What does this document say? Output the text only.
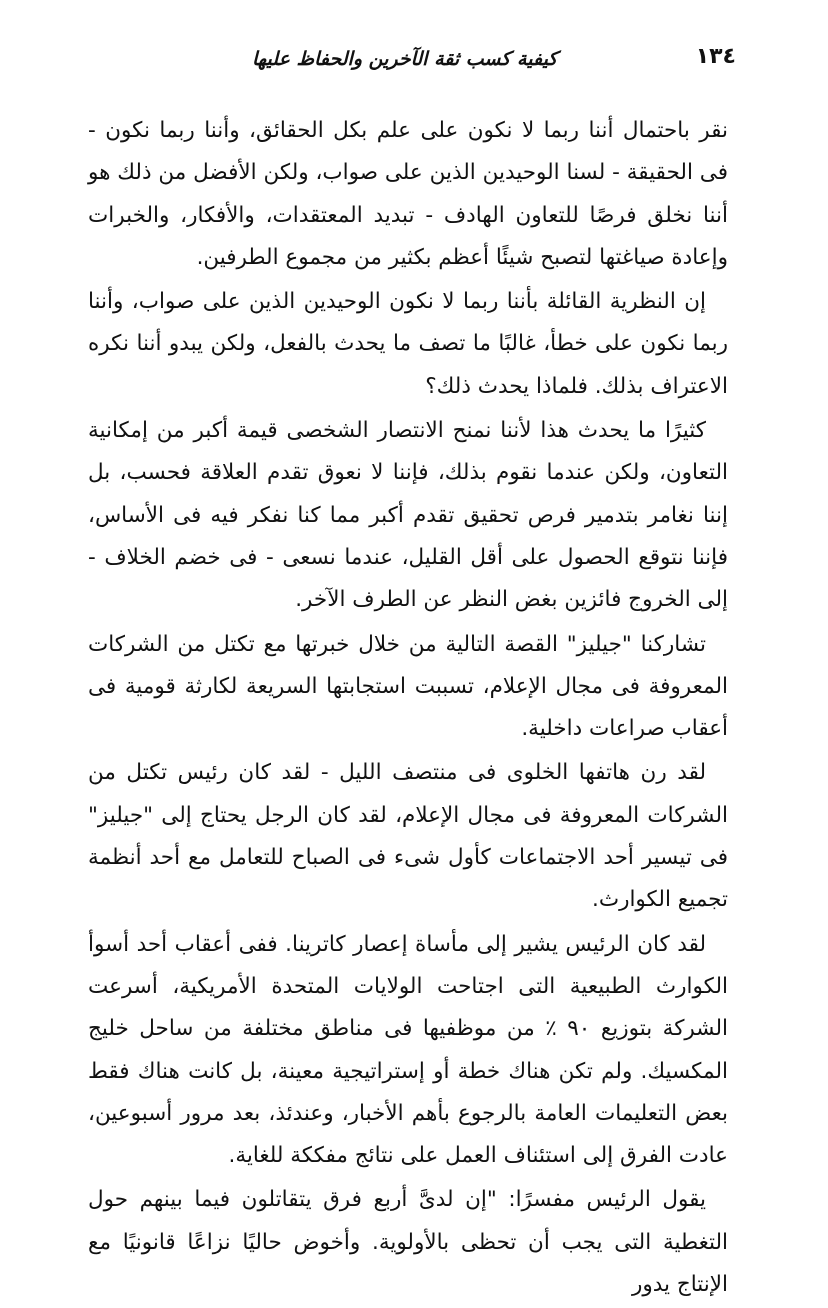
كيفية كسب ثقة الآخرين والحفاظ عليها	١٣٤

نقر باحتمال أننا ربما لا نكون على علم بكل الحقائق، وأننا ربما نكون - فى الحقيقة - لسنا الوحيدين الذين على صواب، ولكن الأفضل من ذلك هو أننا نخلق فرصًا للتعاون الهادف - تبديد المعتقدات، والأفكار، والخبرات وإعادة صياغتها لتصبح شيئًا أعظم بكثير من مجموع الطرفين.

إن النظرية القائلة بأننا ربما لا نكون الوحيدين الذين على صواب، وأننا ربما نكون على خطأ، غالبًا ما تصف ما يحدث بالفعل، ولكن يبدو أننا نكره الاعتراف بذلك. فلماذا يحدث ذلك؟

كثيرًا ما يحدث هذا لأننا نمنح الانتصار الشخصى قيمة أكبر من إمكانية التعاون، ولكن عندما نقوم بذلك، فإننا لا نعوق تقدم العلاقة فحسب، بل إننا نغامر بتدمير فرص تحقيق تقدم أكبر مما كنا نفكر فيه فى الأساس، فإننا نتوقع الحصول على أقل القليل، عندما نسعى - فى خضم الخلاف - إلى الخروج فائزين بغض النظر عن الطرف الآخر.

تشاركنا "جيليز" القصة التالية من خلال خبرتها مع تكتل من الشركات المعروفة فى مجال الإعلام، تسببت استجابتها السريعة لكارثة قومية فى أعقاب صراعات داخلية.

لقد رن هاتفها الخلوى فى منتصف الليل - لقد كان رئيس تكتل من الشركات المعروفة فى مجال الإعلام، لقد كان الرجل يحتاج إلى "جيليز" فى تيسير أحد الاجتماعات كأول شىء فى الصباح للتعامل مع أحد أنظمة تجميع الكوارث.

لقد كان الرئيس يشير إلى مأساة إعصار كاترينا. ففى أعقاب أحد أسوأ الكوارث الطبيعية التى اجتاحت الولايات المتحدة الأمريكية، أسرعت الشركة بتوزيع ٩٠ ٪ من موظفيها فى مناطق مختلفة من ساحل خليج المكسيك. ولم تكن هناك خطة أو إستراتيجية معينة، بل كانت هناك فقط بعض التعليمات العامة بالرجوع بأهم الأخبار، وعندئذ، بعد مرور أسبوعين، عادت الفرق إلى استئناف العمل على نتائج مفككة للغاية.

يقول الرئيس مفسرًا: "إن لدىَّ أربع فرق يتقاتلون فيما بينهم حول التغطية التى يجب أن تحظى بالأولوية. وأخوض حاليًا نزاعًا قانونيًا مع الإنتاج يدور
